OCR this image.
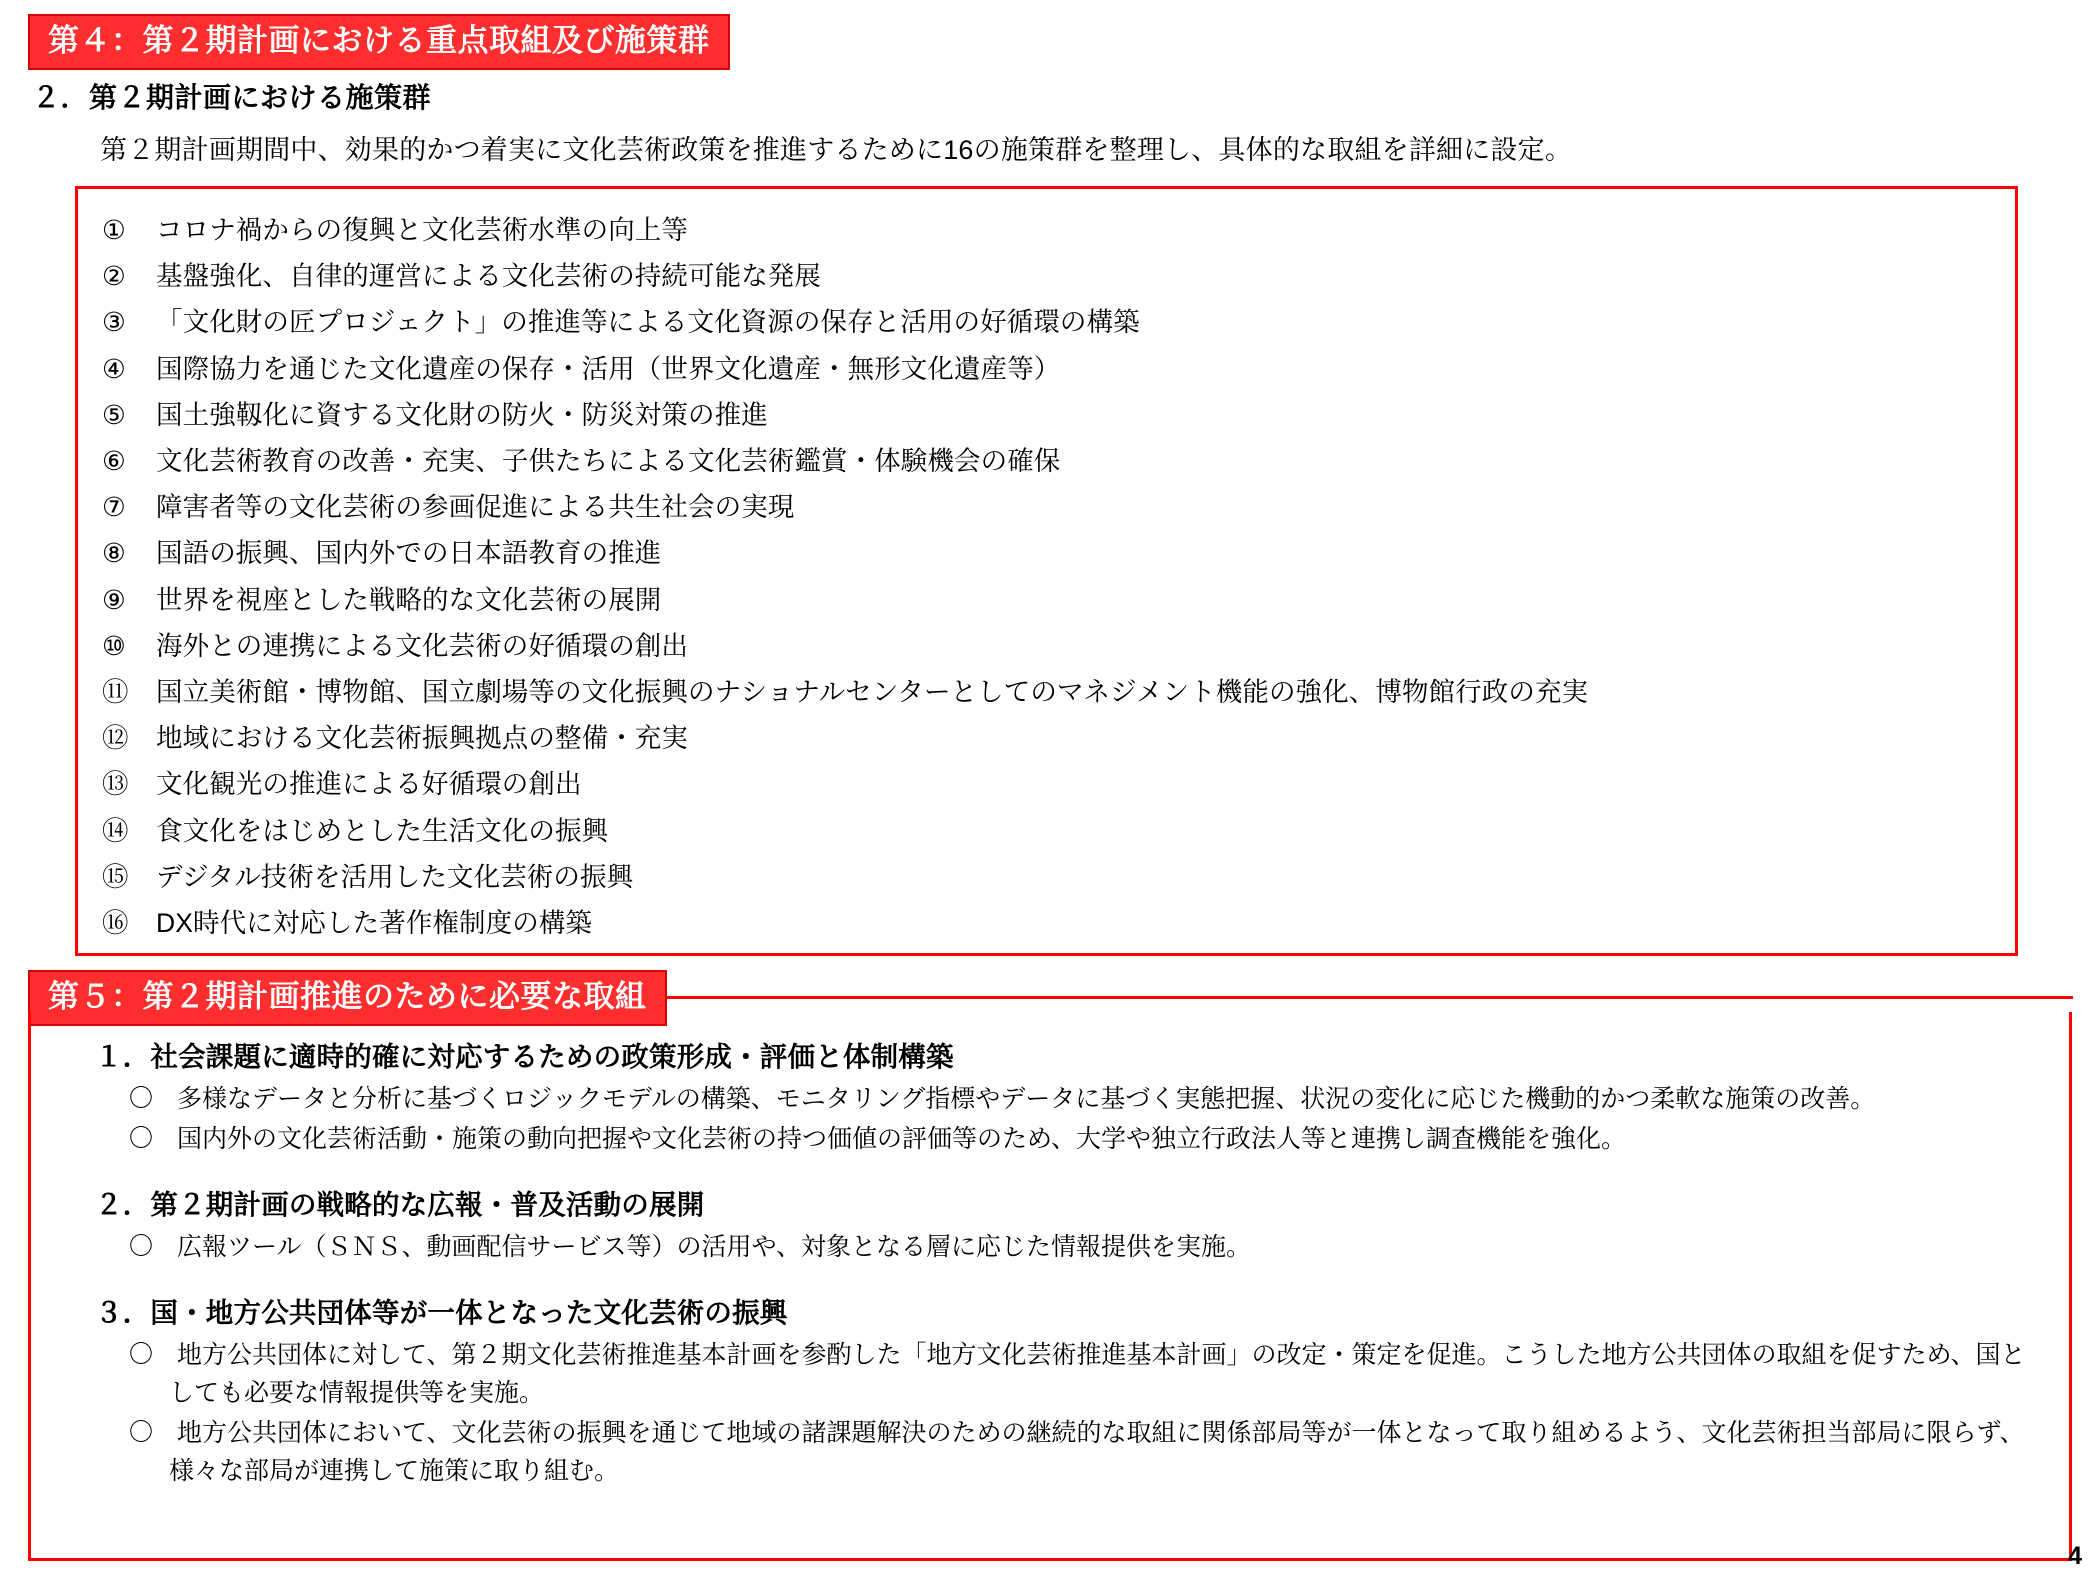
第４：第２期計画における重点取組及び施策群
２．第２期計画における施策群
第２期計画期間中、効果的かつ着実に文化芸術政策を推進するために16の施策群を整理し、具体的な取組を詳細に設定。
①	コロナ禍からの復興と文化芸術水準の向上等
②	基盤強化、自律的運営による文化芸術の持続可能な発展
③	「文化財の匠プロジェクト」の推進等による文化資源の保存と活用の好循環の構築
④	国際協力を通じた文化遺産の保存・活用（世界文化遺産・無形文化遺産等）
⑤	国土強靱化に資する文化財の防火・防災対策の推進
⑥	文化芸術教育の改善・充実、子供たちによる文化芸術鑑賞・体験機会の確保
⑦	障害者等の文化芸術の参画促進による共生社会の実現
⑧	国語の振興、国内外での日本語教育の推進
⑨	世界を視座とした戦略的な文化芸術の展開
⑩	海外との連携による文化芸術の好循環の創出
⑪	国立美術館・博物館、国立劇場等の文化振興のナショナルセンターとしてのマネジメント機能の強化、博物館行政の充実
⑫	地域における文化芸術振興拠点の整備・充実
⑬	文化観光の推進による好循環の創出
⑭	食文化をはじめとした生活文化の振興
⑮	デジタル技術を活用した文化芸術の振興
⑯	DX時代に対応した著作権制度の構築
第５：第２期計画推進のために必要な取組
１．社会課題に適時的確に対応するための政策形成・評価と体制構築
〇 多様なデータと分析に基づくロジックモデルの構築、モニタリング指標やデータに基づく実態把握、状況の変化に応じた機動的かつ柔軟な施策の改善。
〇 国内外の文化芸術活動・施策の動向把握や文化芸術の持つ価値の評価等のため、大学や独立行政法人等と連携し調査機能を強化。
２．第２期計画の戦略的な広報・普及活動の展開
〇 広報ツール（ＳＮＳ、動画配信サービス等）の活用や、対象となる層に応じた情報提供を実施。
３．国・地方公共団体等が一体となった文化芸術の振興
〇 地方公共団体に対して、第２期文化芸術推進基本計画を参酌した「地方文化芸術推進基本計画」の改定・策定を促進。こうした地方公共団体の取組を促すため、国としても必要な情報提供等を実施。
〇 地方公共団体において、文化芸術の振興を通じて地域の諸課題解決のための継続的な取組に関係部局等が一体となって取り組めるよう、文化芸術担当部局に限らず、様々な部局が連携して施策に取り組む。
4
